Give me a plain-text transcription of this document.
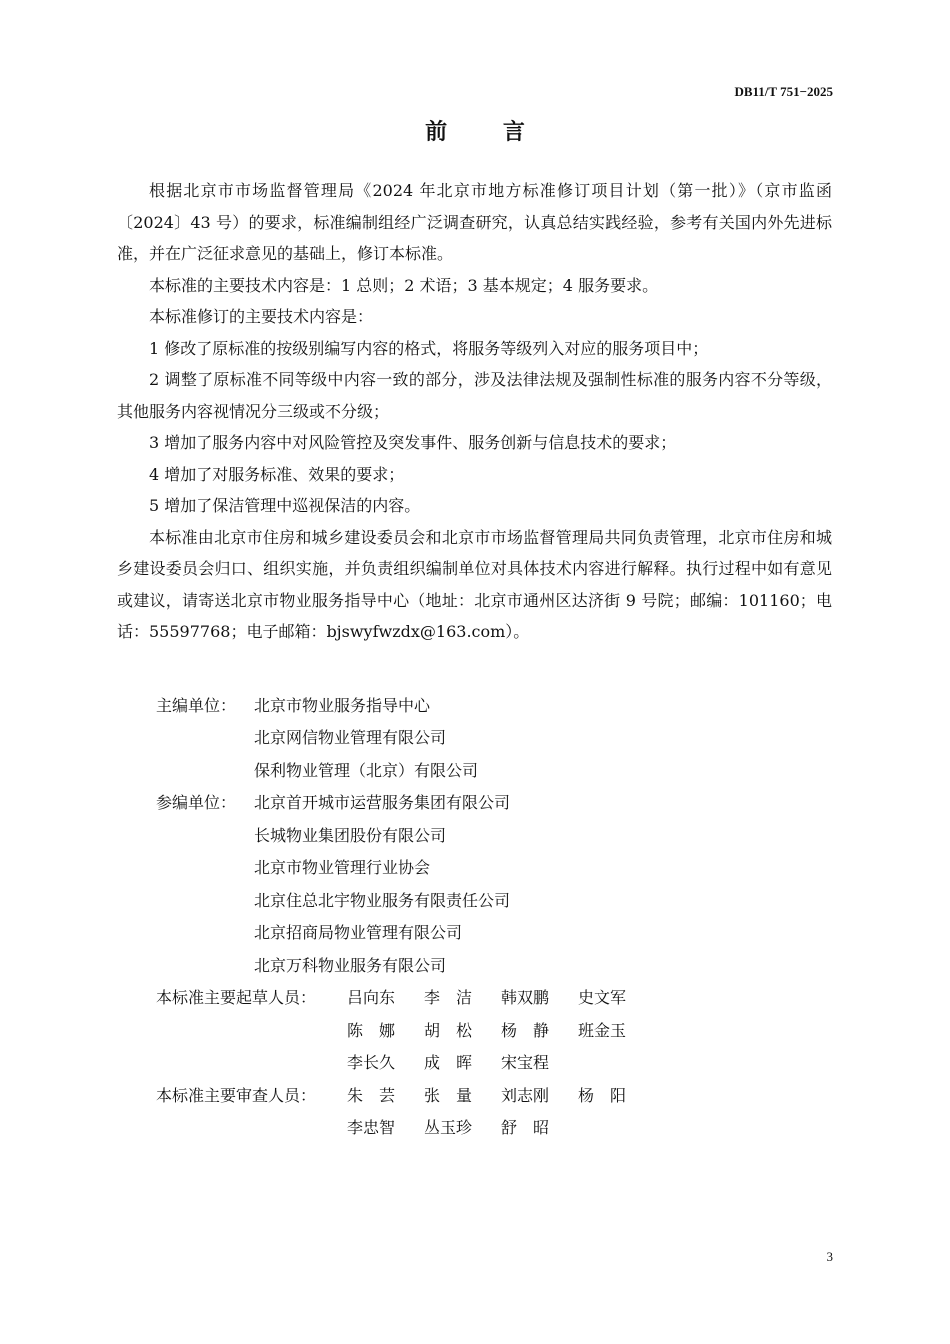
DB11/T 751−2025
前 言

根据北京市市场监督管理局《2024 年北京市地方标准修订项目计划（第一批）》（京市监函〔2024〕43 号）的要求，标准编制组经广泛调查研究，认真总结实践经验，参考有关国内外先进标准，并在广泛征求意见的基础上，修订本标准。

本标准的主要技术内容是：1 总则；2 术语；3 基本规定；4 服务要求。

本标准修订的主要技术内容是：

1 修改了原标准的按级别编写内容的格式，将服务等级列入对应的服务项目中；

2 调整了原标准不同等级中内容一致的部分，涉及法律法规及强制性标准的服务内容不分等级，其他服务内容视情况分三级或不分级；

3 增加了服务内容中对风险管控及突发事件、服务创新与信息技术的要求；

4 增加了对服务标准、效果的要求；

5 增加了保洁管理中巡视保洁的内容。

本标准由北京市住房和城乡建设委员会和北京市市场监督管理局共同负责管理，北京市住房和城乡建设委员会归口、组织实施，并负责组织编制单位对具体技术内容进行解释。执行过程中如有意见或建议，请寄送北京市物业服务指导中心（地址：北京市通州区达济街 9 号院；邮编：101160；电话：55597768；电子邮箱：bjswyfwzdx@163.com）。

主编单位：	北京市物业服务指导中心
北京网信物业管理有限公司
保利物业管理（北京）有限公司
参编单位：	北京首开城市运营服务集团有限公司
长城物业集团股份有限公司
北京市物业管理行业协会
北京住总北宇物业服务有限责任公司
北京招商局物业管理有限公司
北京万科物业服务有限公司
本标准主要起草人员：	吕向东	李　洁	韩双鹏	史文军
陈　娜	胡　松	杨　静	班金玉
李长久	成　晖	宋宝程
本标准主要审查人员：	朱　芸	张　量	刘志刚	杨　阳
李忠智	丛玉珍	舒　昭
3
